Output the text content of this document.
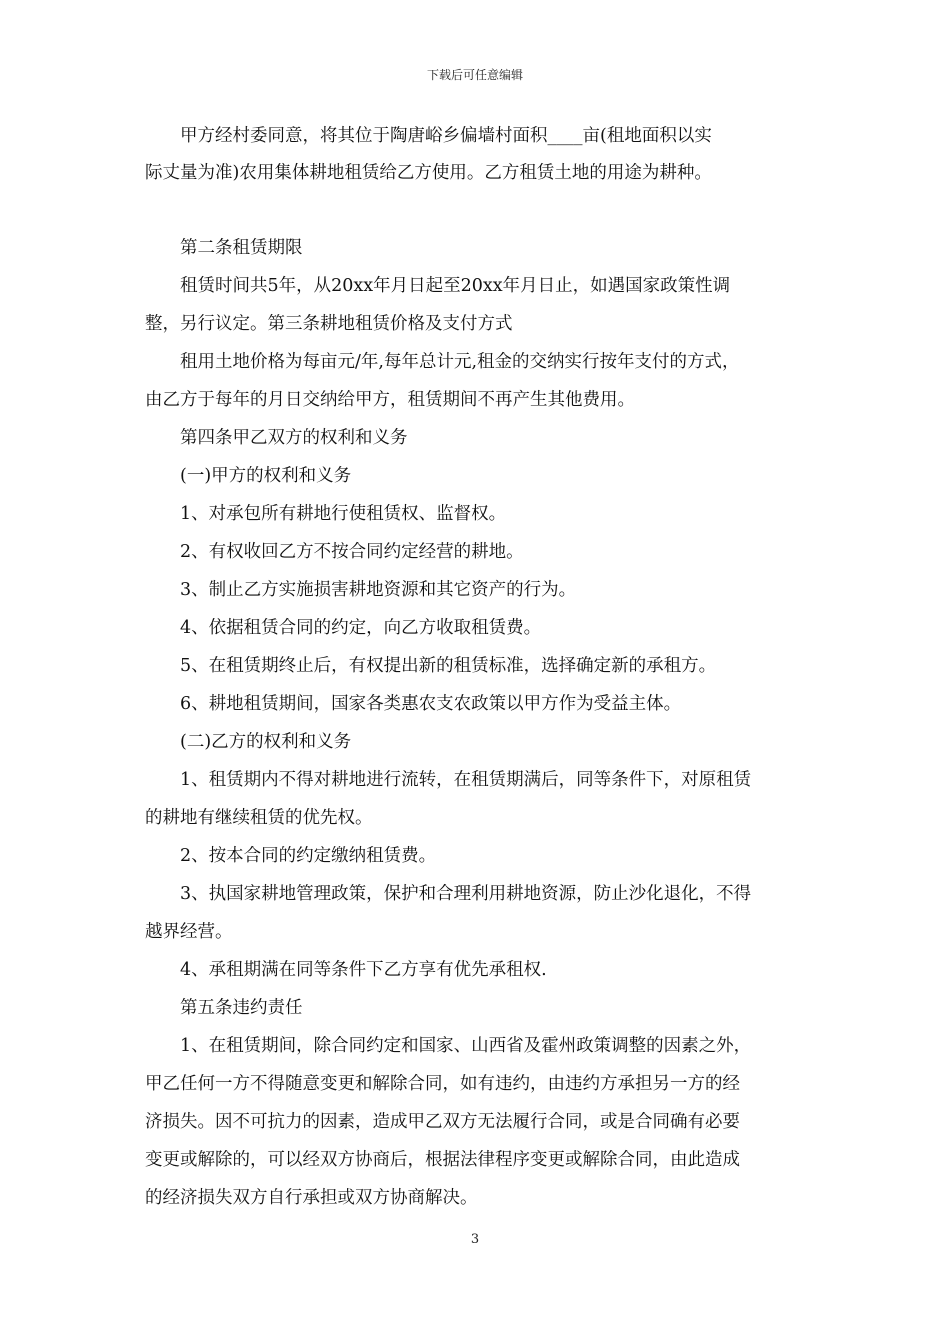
下载后可任意编辑

甲方经村委同意，将其位于陶唐峪乡偏墙村面积____亩(租地面积以实

际丈量为准)农用集体耕地租赁给乙方使用。乙方租赁土地的用途为耕种。

第二条租赁期限

租赁时间共5年，从20xx年月日起至20xx年月日止，如遇国家政策性调

整，另行议定。第三条耕地租赁价格及支付方式

租用土地价格为每亩元/年,每年总计元,租金的交纳实行按年支付的方式，

由乙方于每年的月日交纳给甲方，租赁期间不再产生其他费用。

第四条甲乙双方的权利和义务

(一)甲方的权利和义务

1、对承包所有耕地行使租赁权、监督权。

2、有权收回乙方不按合同约定经营的耕地。

3、制止乙方实施损害耕地资源和其它资产的行为。

4、依据租赁合同的约定，向乙方收取租赁费。

5、在租赁期终止后，有权提出新的租赁标准，选择确定新的承租方。

6、耕地租赁期间，国家各类惠农支农政策以甲方作为受益主体。

(二)乙方的权利和义务

1、租赁期内不得对耕地进行流转，在租赁期满后，同等条件下，对原租赁

的耕地有继续租赁的优先权。

2、按本合同的约定缴纳租赁费。

3、执国家耕地管理政策，保护和合理利用耕地资源，防止沙化退化，不得

越界经营。

4、承租期满在同等条件下乙方享有优先承租权.

第五条违约责任

1、在租赁期间，除合同约定和国家、山西省及霍州政策调整的因素之外，

甲乙任何一方不得随意变更和解除合同，如有违约，由违约方承担另一方的经

济损失。因不可抗力的因素，造成甲乙双方无法履行合同，或是合同确有必要

变更或解除的，可以经双方协商后，根据法律程序变更或解除合同，由此造成

的经济损失双方自行承担或双方协商解决。

3
